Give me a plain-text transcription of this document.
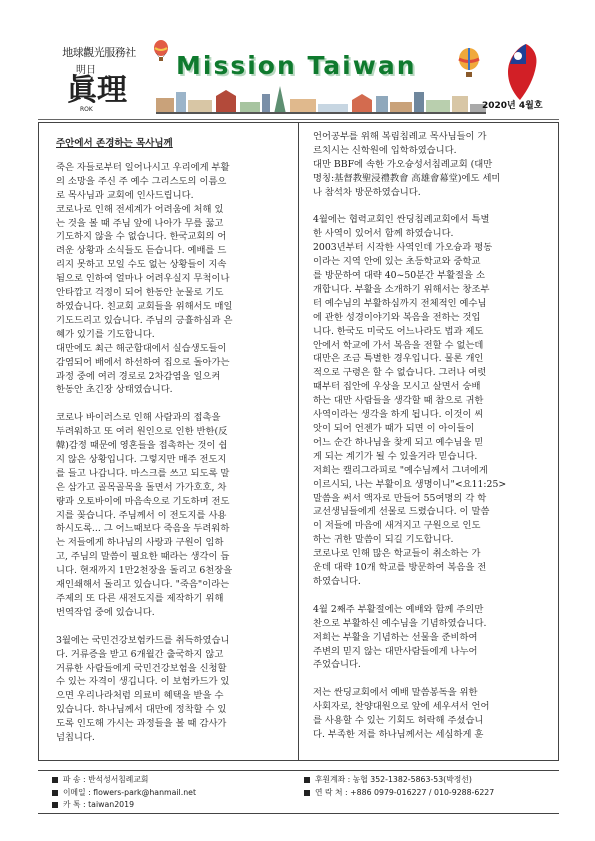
地球觀光服務社
明日
眞理
ROK
Mission Taiwan
2020년 4월호
주안에서 존경하는 목사님께

죽은 자들로부터 일어나시고 우리에게 부활
의 소망을 주신 주 예수 그리스도의 이름으
로 목사님과 교회에 인사드립니다.
코로나로 인해 전세계가 어려움에 처해 있
는 것을 볼 때 주님 앞에 나아가 무릎 꿇고
기도하지 않을 수 없습니다. 한국교회의 어
려운 상황과 소식들도 듣습니다. 예배를 드
리지 못하고 모일 수도 없는 상황들이 지속
됨으로 인하여 얼마나 어려우실지 무척이나
안타깝고 걱정이 되어 한동안 눈물로 기도
하였습니다. 친교회 교회들을 위해서도 매일
기도드리고 있습니다. 주님의 긍휼하심과 은
혜가 있기를 기도합니다.
대만에도 최근 해군함대에서 실습생도들이
감염되어 배에서 하선하여 집으로 돌아가는
과정 중에 여러 경로로 2차감염을 일으켜
한동안 초긴장 상태였습니다.

코로나 바이러스로 인해 사람과의 접촉을
두려워하고 또 여러 원인으로 인한 반한(反
韓)감정 때문에 영혼들을 접촉하는 것이 쉽
지 않은 상황입니다. 그렇지만 매주 전도지
를 들고 나갑니다. 마스크를 쓰고 되도록 말
은 삼가고 골목골목을 돌면서 가가호호, 차
량과 오토바이에 마음속으로 기도하며 전도
지를 꽂습니다. 주님께서 이 전도지를 사용
하시도록... 그 어느때보다 죽음을 두려워하
는 저들에게 하나님의 사랑과 구원이 임하
고, 주님의 말씀이 필요한 때라는 생각이 듭
니다. 현재까지 1만2천장을 돌리고 6천장을
재인쇄해서 돌리고 있습니다. "죽음"이라는
주제의 또 다른 새전도지를 제작하기 위해
번역작업 중에 있습니다.

3월에는 국민건강보험카드를 취득하였습니
다. 거류증을 받고 6개월간 출국하지 않고
거류한 사람들에게 국민건강보험을 신청할
수 있는 자격이 생깁니다. 이 보험카드가 있
으면 우리나라처럼 의료비 혜택을 받을 수
있습니다. 하나님께서 대만에 정착할 수 있
도록 인도해 가시는 과정들을 볼 때 감사가
넘칩니다.

언어공부를 위해 복림침례교 목사님들이 가
르치시는 신학원에 입학하였습니다.
대만 BBF에 속한 가오슝성서침례교회 (대만
명칭:基督教聖浸禮教會 高雄會幕堂)에도 세미
나 참석차 방문하였습니다.

4월에는 협력교회인 싼딩침례교회에서 특별
한 사역이 있어서 함께 하였습니다.
2003년부터 시작한 사역인데 가오슝과 평동
이라는 지역 안에 있는 초등학교와 중학교
를 방문하여 대략 40~50분간 부활절을 소
개합니다. 부활을 소개하기 위해서는 창조부
터 예수님의 부활하심까지 전체적인 예수님
에 관한 성경이야기와 복음을 전하는 것입
니다. 한국도 미국도 어느나라도 법과 제도
안에서 학교에 가서 복음을 전할 수 없는데
대만은 조금 특별한 경우입니다. 물론 개인
적으로 구령은 할 수 없습니다. 그러나 여럿
때부터 집안에 우상을 모시고 살면서 숭배
하는 대만 사람들을 생각할 때 참으로 귀한
사역이라는 생각을 하게 됩니다. 이것이 씨
앗이 되어 언젠가 때가 되면 이 아이들이
어느 순간 하나님을 찾게 되고 예수님을 믿
게 되는 계기가 될 수 있을거라 믿습니다.
저희는 캘리그라피로 "예수님께서 그녀에게
이르시되, 나는 부활이요 생명이니"<요11:25>
말씀을 써서 액자로 만들어 55여명의 각 학
교선생님들에게 선물로 드렸습니다. 이 말씀
이 저들에 마음에 새겨지고 구원으로 인도
하는 귀한 말씀이 되길 기도합니다.
코로나로 인해 많은 학교들이 취소하는 가
운데 대략 10개 학교를 방문하여 복음을 전
하였습니다.

4월 2째주 부활절에는 예배와 함께 주의만
찬으로 부활하신 예수님을 기념하였습니다.
저희는 부활을 기념하는 선물을 준비하여
주변의 믿지 않는 대만사람들에게 나누어
주었습니다.

저는 싼딩교회에서 예배 말씀봉독을 위한
사회자로, 찬양대원으로 앞에 세우셔서 언어
를 사용할 수 있는 기회도 허락해 주셨습니
다. 부족한 저를 하나님께서는 세심하게 훈

파 송 : 반석성서침례교회
이메일 : flowers-park@hanmail.net
카 톡 : taiwan2019
후원계좌 : 농협 352-1382-5863-53(박정선)
연 락 처 : +886 0979-016227 / 010-9288-6227
